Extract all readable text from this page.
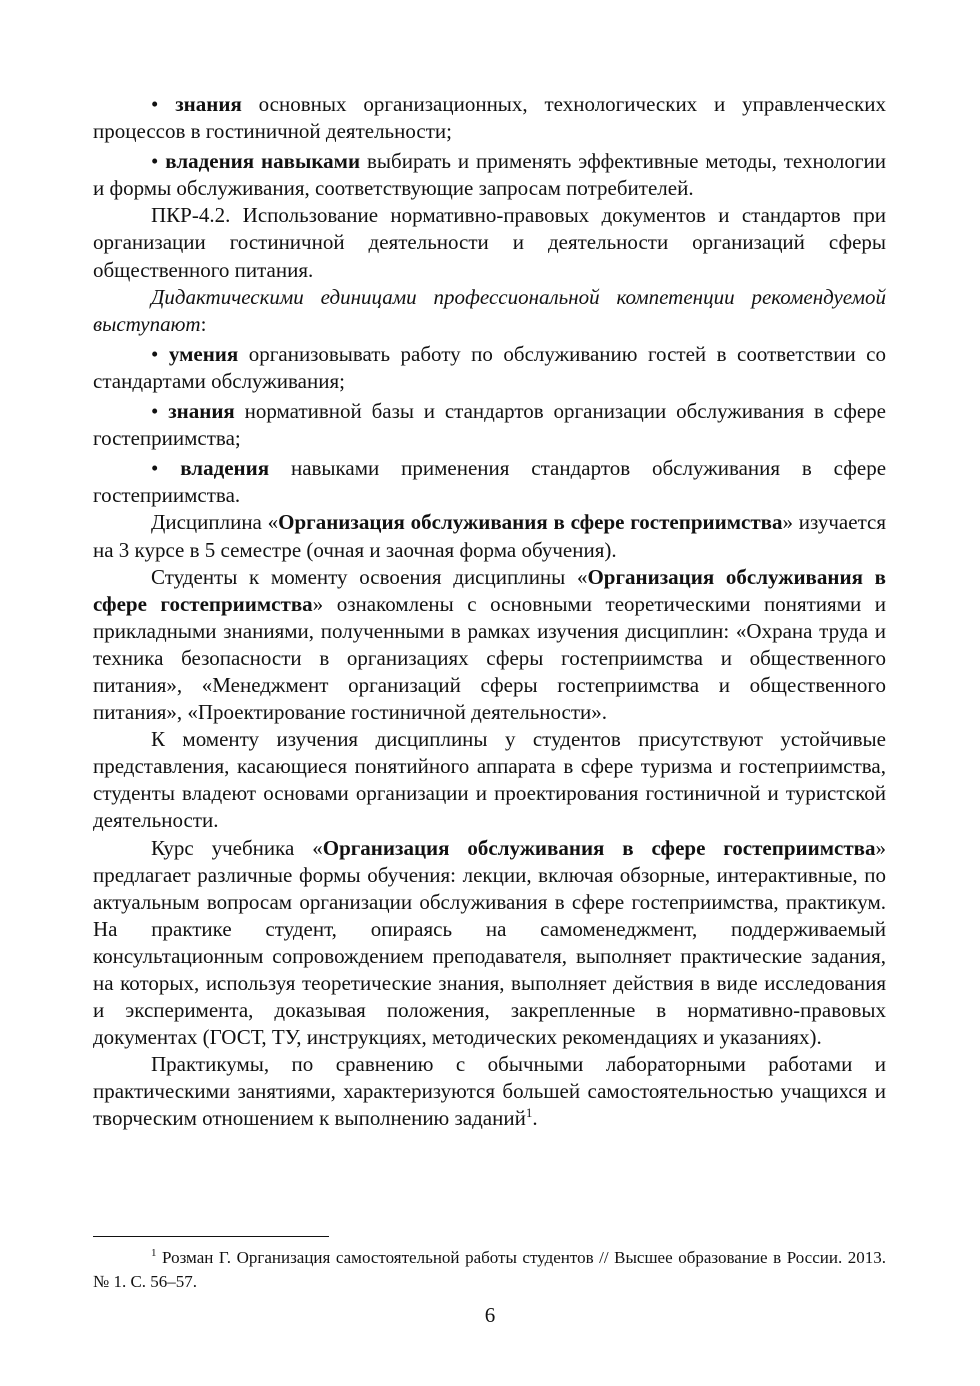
• знания основных организационных, технологических и управленческих процессов в гостиничной деятельности;

• владения навыками выбирать и применять эффективные методы, технологии и формы обслуживания, соответствующие запросам потребителей.

ПКР-4.2. Использование нормативно-правовых документов и стандартов при организации гостиничной деятельности и деятельности организаций сферы общественного питания.

Дидактическими единицами профессиональной компетенции рекомендуемой выступают:

• умения организовывать работу по обслуживанию гостей в соответствии со стандартами обслуживания;

• знания нормативной базы и стандартов организации обслуживания в сфере гостеприимства;

• владения навыками применения стандартов обслуживания в сфере гостеприимства.

Дисциплина «Организация обслуживания в сфере гостеприимства» изучается на 3 курсе в 5 семестре (очная и заочная форма обучения).

Студенты к моменту освоения дисциплины «Организация обслуживания в сфере гостеприимства» ознакомлены с основными теоретическими понятиями и прикладными знаниями, полученными в рамках изучения дисциплин: «Охрана труда и техника безопасности в организациях сферы гостеприимства и общественного питания», «Менеджмент организаций сферы гостеприимства и общественного питания», «Проектирование гостиничной деятельности».

К моменту изучения дисциплины у студентов присутствуют устойчивые представления, касающиеся понятийного аппарата в сфере туризма и гостеприимства, студенты владеют основами организации и проектирования гостиничной и туристской деятельности.

Курс учебника «Организация обслуживания в сфере гостеприимства» предлагает различные формы обучения: лекции, включая обзорные, интерактивные, по актуальным вопросам организации обслуживания в сфере гостеприимства, практикум. На практике студент, опираясь на самоменеджмент, поддерживаемый консультационным сопровождением преподавателя, выполняет практические задания, на которых, используя теоретические знания, выполняет действия в виде исследования и эксперимента, доказывая положения, закрепленные в нормативно-правовых документах (ГОСТ, ТУ, инструкциях, методических рекомендациях и указаниях).

Практикумы, по сравнению с обычными лабораторными работами и практическими занятиями, характеризуются большей самостоятельностью учащихся и творческим отношением к выполнению заданий$^1$.

$^1$ Розман Г. Организация самостоятельной работы студентов // Высшее образование в России. 2013. № 1. С. 56–57.
6
